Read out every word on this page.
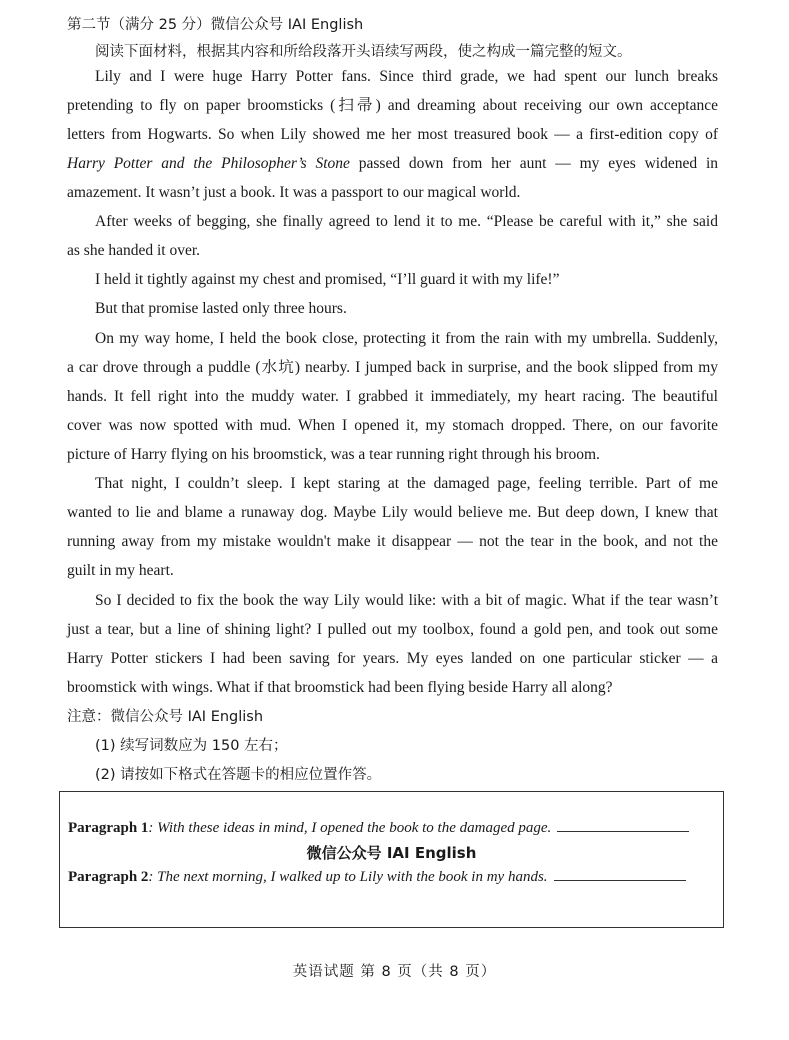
第二节（满分 25 分）微信公众号 IAI English
阅读下面材料，根据其内容和所给段落开头语续写两段，使之构成一篇完整的短文。
Lily and I were huge Harry Potter fans. Since third grade, we had spent our lunch breaks
pretending to fly on paper broomsticks (扫帚) and dreaming about receiving our own acceptance
letters from Hogwarts. So when Lily showed me her most treasured book — a first-edition copy of
Harry Potter and the Philosopher’s Stone passed down from her aunt — my eyes widened in
amazement. It wasn’t just a book. It was a passport to our magical world.
After weeks of begging, she finally agreed to lend it to me. “Please be careful with it,” she said
as she handed it over.
I held it tightly against my chest and promised, “I’ll guard it with my life!”
But that promise lasted only three hours.
On my way home, I held the book close, protecting it from the rain with my umbrella. Suddenly,
a car drove through a puddle (水坑) nearby. I jumped back in surprise, and the book slipped from my
hands. It fell right into the muddy water. I grabbed it immediately, my heart racing. The beautiful
cover was now spotted with mud. When I opened it, my stomach dropped. There, on our favorite
picture of Harry flying on his broomstick, was a tear running right through his broom.
That night, I couldn’t sleep. I kept staring at the damaged page, feeling terrible. Part of me
wanted to lie and blame a runaway dog. Maybe Lily would believe me. But deep down, I knew that
running away from my mistake wouldn't make it disappear — not the tear in the book, and not the
guilt in my heart.
So I decided to fix the book the way Lily would like: with a bit of magic. What if the tear wasn’t
just a tear, but a line of shining light? I pulled out my toolbox, found a gold pen, and took out some
Harry Potter stickers I had been saving for years. My eyes landed on one particular sticker — a
broomstick with wings. What if that broomstick had been flying beside Harry all along?
注意：微信公众号 IAI English
(1) 续写词数应为 150 左右；
(2) 请按如下格式在答题卡的相应位置作答。
Paragraph 1: With these ideas in mind, I opened the book to the damaged page.
微信公众号 IAI English
Paragraph 2: The next morning, I walked up to Lily with the book in my hands.
英语试题 第 8 页（共 8 页）
